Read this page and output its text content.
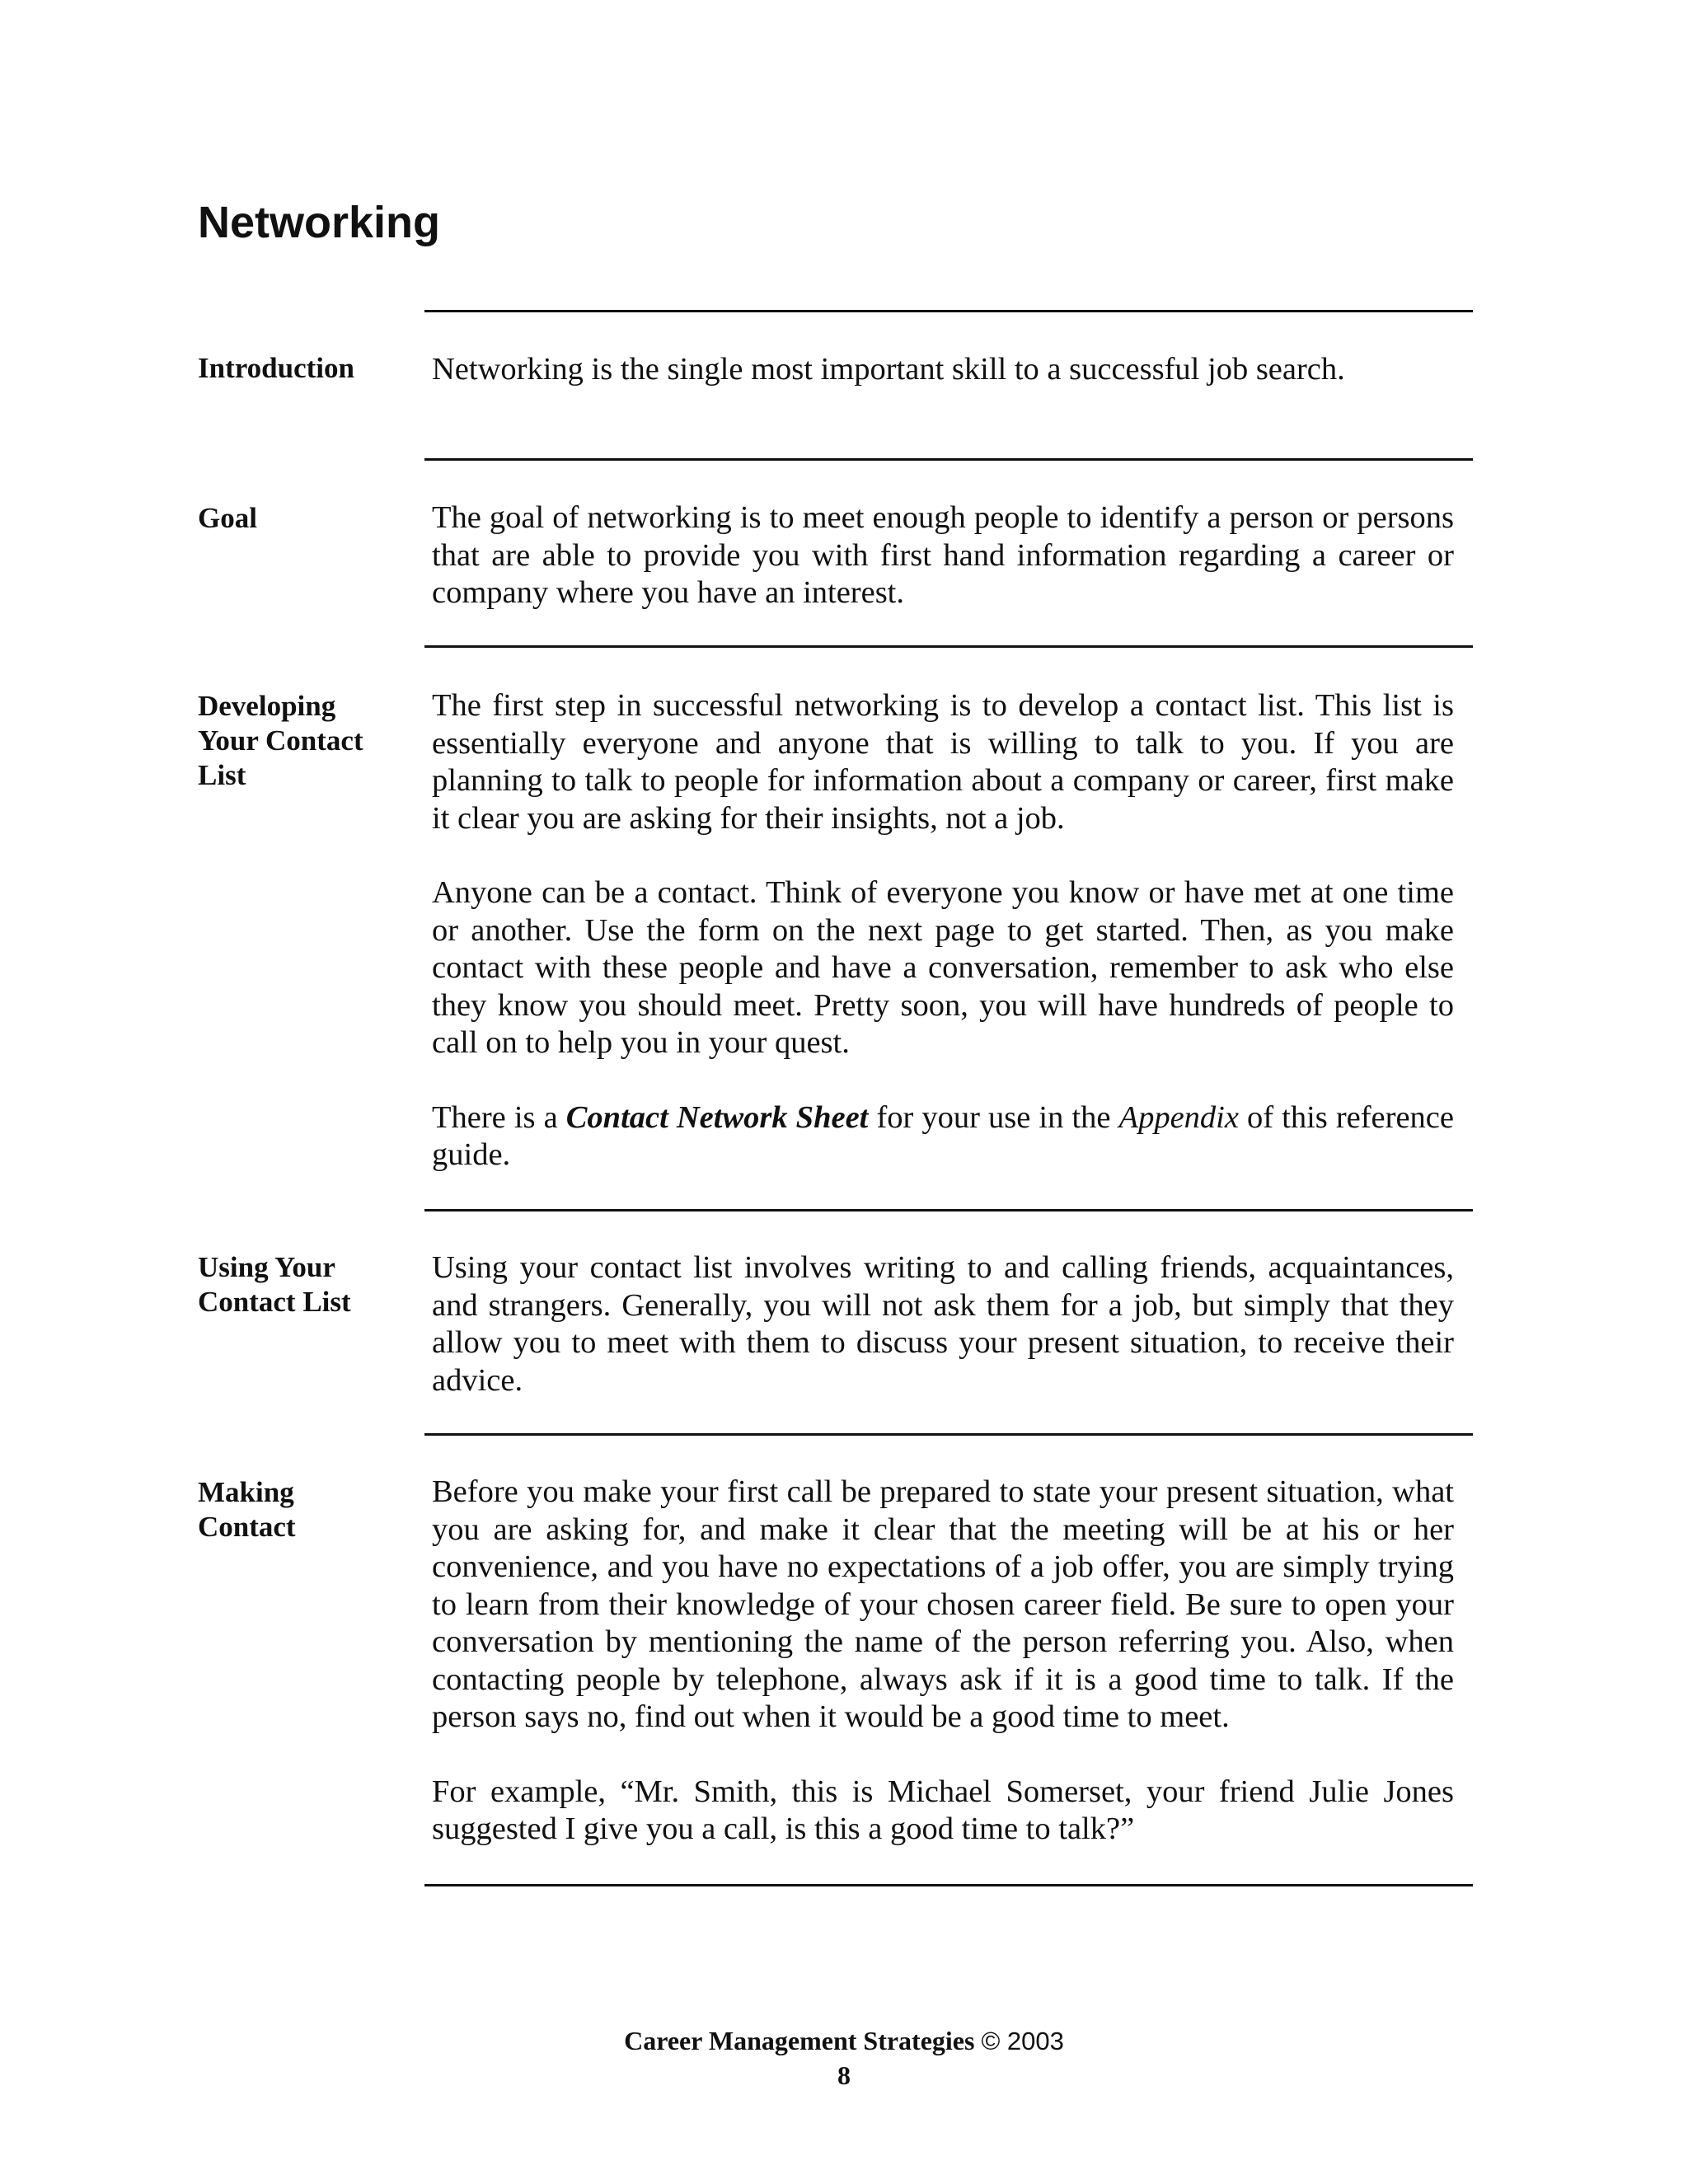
Networking
Introduction	Networking is the single most important skill to a successful job search.

Goal	The goal of networking is to meet enough people to identify a person or persons that are able to provide you with first hand information regarding a career or company where you have an interest.

Developing Your Contact List

The first step in successful networking is to develop a contact list. This list is essentially everyone and anyone that is willing to talk to you. If you are planning to talk to people for information about a company or career, first make it clear you are asking for their insights, not a job.

Anyone can be a contact. Think of everyone you know or have met at one time or another. Use the form on the next page to get started. Then, as you make contact with these people and have a conversation, remember to ask who else they know you should meet. Pretty soon, you will have hundreds of people to call on to help you in your quest.

There is a Contact Network Sheet for your use in the Appendix of this reference guide.

Using Your Contact List

Using your contact list involves writing to and calling friends, acquaintances, and strangers. Generally, you will not ask them for a job, but simply that they allow you to meet with them to discuss your present situation, to receive their advice.

Making Contact

Before you make your first call be prepared to state your present situation, what you are asking for, and make it clear that the meeting will be at his or her convenience, and you have no expectations of a job offer, you are simply trying to learn from their knowledge of your chosen career field. Be sure to open your conversation by mentioning the name of the person referring you. Also, when contacting people by telephone, always ask if it is a good time to talk. If the person says no, find out when it would be a good time to meet.

For example, “Mr. Smith, this is Michael Somerset, your friend Julie Jones suggested I give you a call, is this a good time to talk?”

Career Management Strategies © 2003
8
